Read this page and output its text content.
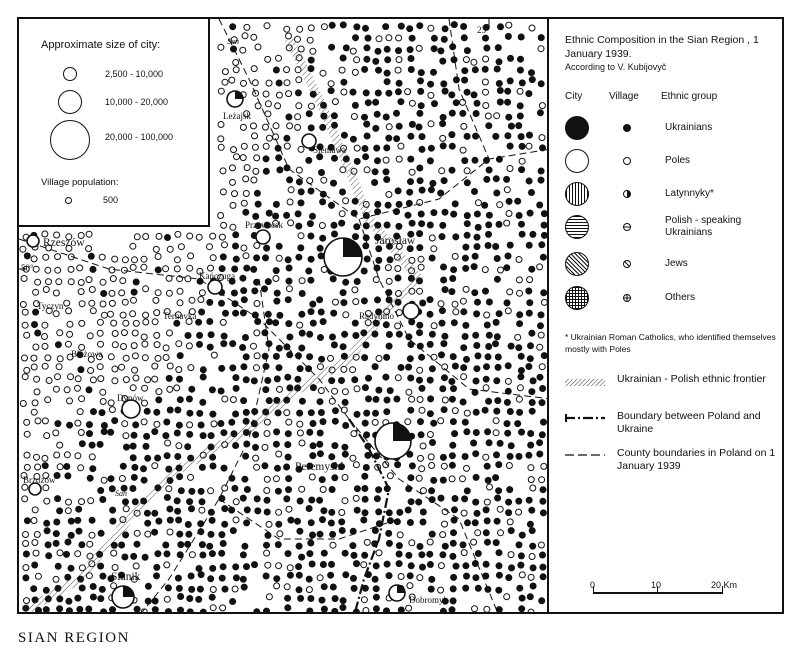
23°
50°
San
San
Leżajsk
Sieniawa
Rzeszów
Przeworsk
Jarosław
Kańczuga
Ternavka
Tyczyn
Radymno
Błażowa
Dynów
Peremyshl
Brzozów
Sianik
Dobromyl
Approximate size of city:
2,500 - 10,000
10,000 - 20,000
20,000 - 100,000
Village population:
500
Ethnic Composition in the Sian Region , 1 January 1939.
According to V. Kubijovyč
City	Village Ethnic group
Ukrainians
Poles
Latynnyky*
Polish - speaking Ukrainians
Jews
Others
* Ukrainian Roman Catholics, who identified themselves mostly with Poles
Ukrainian - Polish ethnic frontier
Boundary between Poland and Ukraine
County boundaries in Poland on 1 January 1939
0	10	20 Km
SIAN REGION
